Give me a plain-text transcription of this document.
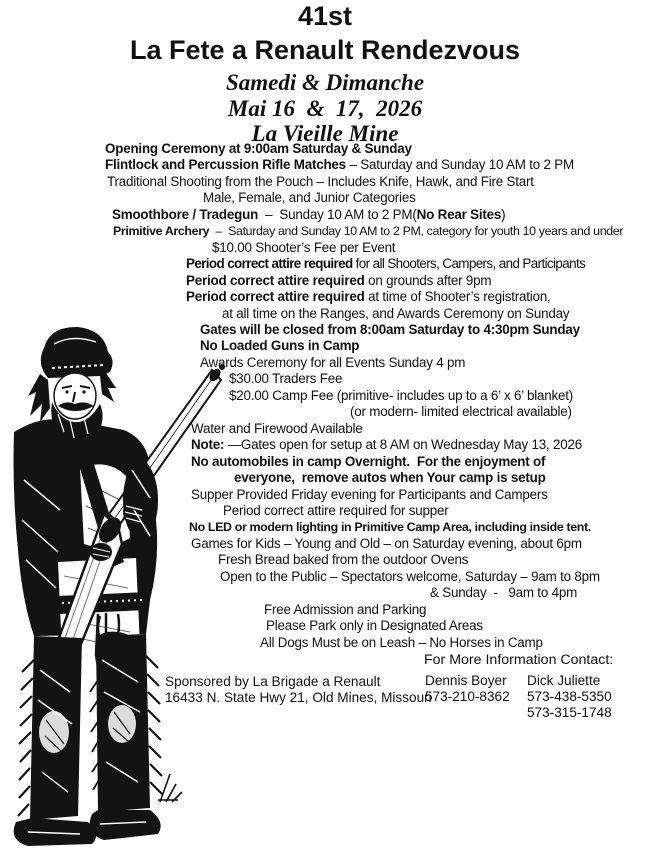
41st
La Fete a Renault Rendezvous
Samedi & Dimanche
Mai 16  &  17,  2026
La Vieille Mine
Opening Ceremony at 9:00am Saturday & Sunday
Flintlock and Percussion Rifle Matches – Saturday and Sunday 10 AM to 2 PM
Traditional Shooting from the Pouch – Includes Knife, Hawk, and Fire Start
Male, Female, and Junior Categories
Smoothbore / Tradegun  –  Sunday 10 AM to 2 PM(No Rear Sites)
Primitive Archery  –  Saturday and Sunday 10 AM to 2 PM, category for youth 10 years and under
$10.00 Shooter’s Fee per Event
Period correct attire required for all Shooters, Campers, and Participants
Period correct attire required on grounds after 9pm
Period correct attire required at time of Shooter’s registration,
at all time on the Ranges, and Awards Ceremony on Sunday
Gates will be closed from 8:00am Saturday to 4:30pm Sunday
No Loaded Guns in Camp
Awards Ceremony for all Events Sunday 4 pm
$30.00 Traders Fee
$20.00 Camp Fee (primitive- includes up to a 6’ x 6’ blanket)
(or modern- limited electrical available)
Water and Firewood Available
Note: —Gates open for setup at 8 AM on Wednesday May 13, 2026
No automobiles in camp Overnight.  For the enjoyment of
everyone,  remove autos when Your camp is setup
Supper Provided Friday evening for Participants and Campers
Period correct attire required for supper
No LED or modern lighting in Primitive Camp Area, including inside tent.
Games for Kids – Young and Old – on Saturday evening, about 6pm
Fresh Bread baked from the outdoor Ovens
Open to the Public – Spectators welcome, Saturday – 9am to 8pm
& Sunday  -   9am to 4pm
Free Admission and Parking
Please Park only in Designated Areas
All Dogs Must be on Leash – No Horses in Camp
For More Information Contact:
Sponsored by La Brigade a Renault
16433 N. State Hwy 21, Old Mines, Missouri
Dennis Boyer
573-210-8362
Dick Juliette
573-438-5350
573-315-1748
